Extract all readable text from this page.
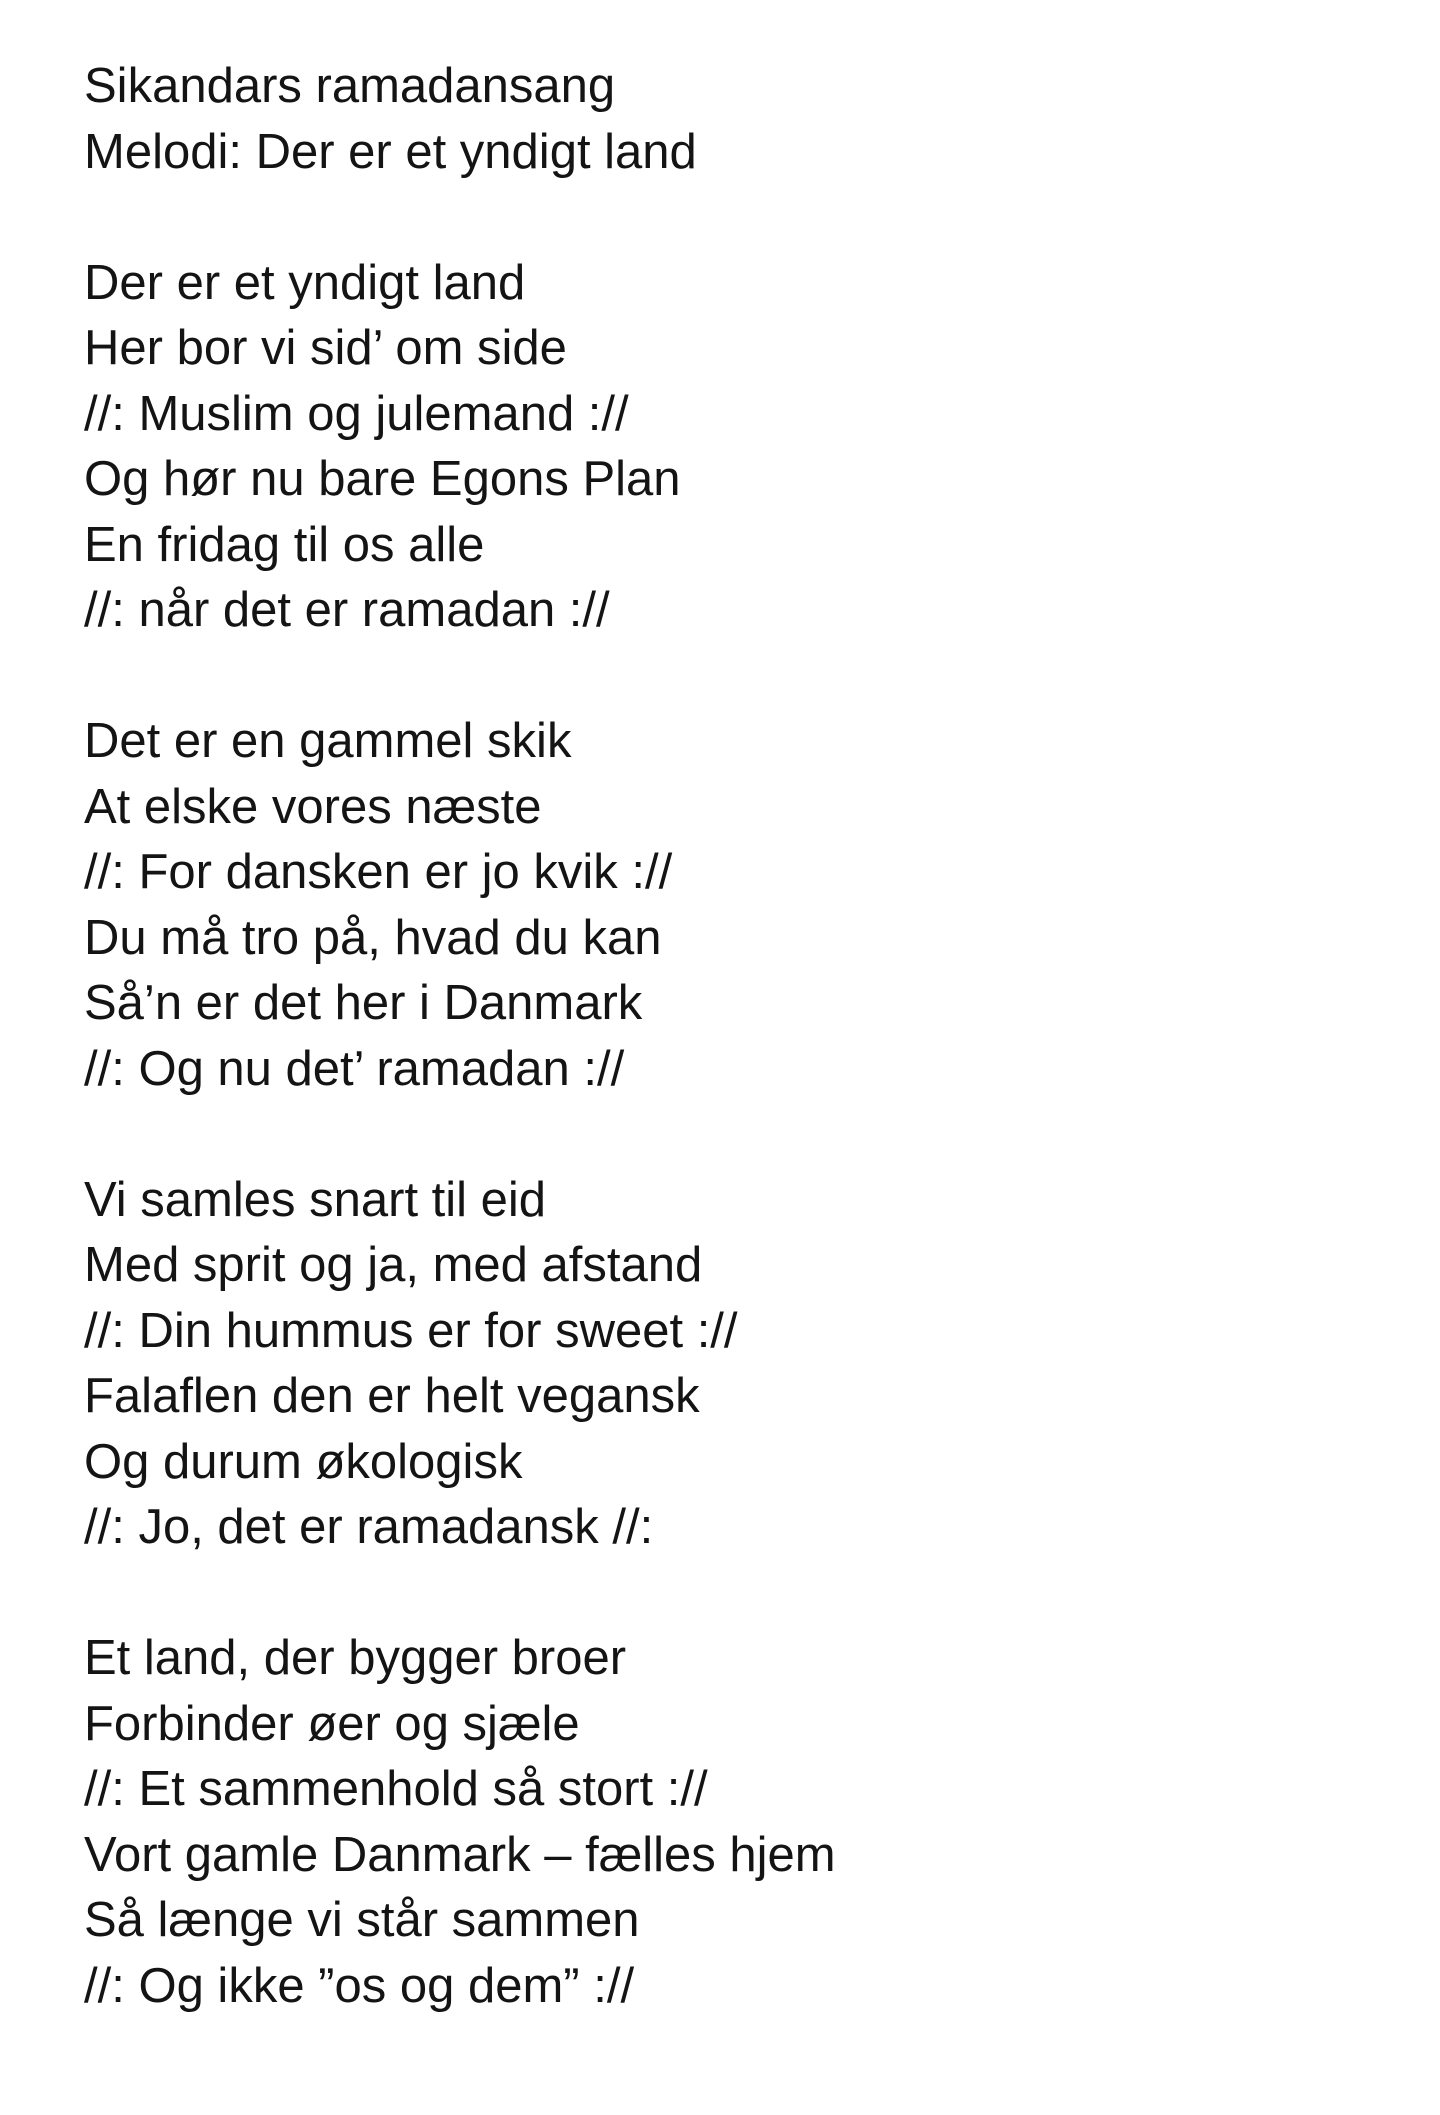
Sikandars ramadansang
Melodi: Der er et yndigt land
Der er et yndigt land
Her bor vi sid’ om side
//: Muslim og julemand ://
Og hør nu bare Egons Plan
En fridag til os alle
//: når det er ramadan ://
Det er en gammel skik
At elske vores næste
//: For dansken er jo kvik ://
Du må tro på, hvad du kan
Så’n er det her i Danmark
//: Og nu det’ ramadan ://
Vi samles snart til eid
Med sprit og ja, med afstand
//: Din hummus er for sweet ://
Falaflen den er helt vegansk
Og durum økologisk
//: Jo, det er ramadansk //:
Et land, der bygger broer
Forbinder øer og sjæle
//: Et sammenhold så stort ://
Vort gamle Danmark – fælles hjem
Så længe vi står sammen
//: Og ikke ”os og dem” ://
